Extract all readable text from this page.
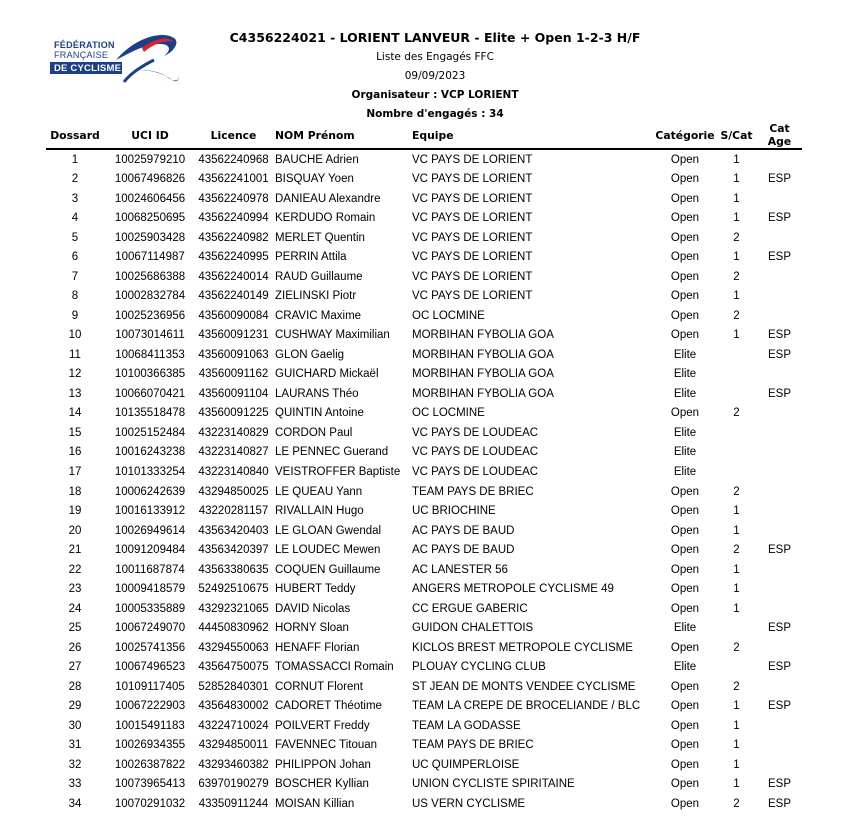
FÉDÉRATION
FRANÇAISE
DE CYCLISME
C4356224021 - LORIENT LANVEUR - Elite + Open 1-2-3 H/F
Liste des Engagés FFC
09/09/2023
Organisateur : VCP LORIENT
Nombre d'engagés : 34
Dossard	UCI ID	Licence	NOM Prénom	Equipe	Catégorie	S/Cat	Cat Age
1	10025979210	43562240968	BAUCHE Adrien	VC PAYS DE LORIENT	Open	1	
2	10067496826	43562241001	BISQUAY Yoen	VC PAYS DE LORIENT	Open	1	ESP
3	10024606456	43562240978	DANIEAU Alexandre	VC PAYS DE LORIENT	Open	1	
4	10068250695	43562240994	KERDUDO Romain	VC PAYS DE LORIENT	Open	1	ESP
5	10025903428	43562240982	MERLET Quentin	VC PAYS DE LORIENT	Open	2	
6	10067114987	43562240995	PERRIN Attila	VC PAYS DE LORIENT	Open	1	ESP
7	10025686388	43562240014	RAUD Guillaume	VC PAYS DE LORIENT	Open	2	
8	10002832784	43562240149	ZIELINSKI Piotr	VC PAYS DE LORIENT	Open	1	
9	10025236956	43560090084	CRAVIC Maxime	OC LOCMINE	Open	2	
10	10073014611	43560091231	CUSHWAY Maximilian	MORBIHAN FYBOLIA GOA	Open	1	ESP
11	10068411353	43560091063	GLON Gaelig	MORBIHAN FYBOLIA GOA	Elite		ESP
12	10100366385	43560091162	GUICHARD Mickaël	MORBIHAN FYBOLIA GOA	Elite		
13	10066070421	43560091104	LAURANS Théo	MORBIHAN FYBOLIA GOA	Elite		ESP
14	10135518478	43560091225	QUINTIN Antoine	OC LOCMINE	Open	2	
15	10025152484	43223140829	CORDON Paul	VC PAYS DE LOUDEAC	Elite		
16	10016243238	43223140827	LE PENNEC Guerand	VC PAYS DE LOUDEAC	Elite		
17	10101333254	43223140840	VEISTROFFER Baptiste	VC PAYS DE LOUDEAC	Elite		
18	10006242639	43294850025	LE QUEAU Yann	TEAM PAYS DE BRIEC	Open	2	
19	10016133912	43220281157	RIVALLAIN Hugo	UC BRIOCHINE	Open	1	
20	10026949614	43563420403	LE GLOAN Gwendal	AC PAYS DE BAUD	Open	1	
21	10091209484	43563420397	LE LOUDEC Mewen	AC PAYS DE BAUD	Open	2	ESP
22	10011687874	43563380635	COQUEN Guillaume	AC LANESTER 56	Open	1	
23	10009418579	52492510675	HUBERT Teddy	ANGERS METROPOLE CYCLISME 49	Open	1	
24	10005335889	43292321065	DAVID Nicolas	CC ERGUE GABERIC	Open	1	
25	10067249070	44450830962	HORNY Sloan	GUIDON CHALETTOIS	Elite		ESP
26	10025741356	43294550063	HENAFF Florian	KICLOS BREST METROPOLE CYCLISME	Open	2	
27	10067496523	43564750075	TOMASSACCI Romain	PLOUAY CYCLING CLUB	Elite		ESP
28	10109117405	52852840301	CORNUT Florent	ST JEAN DE MONTS VENDEE CYCLISME	Open	2	
29	10067222903	43564830002	CADORET Théotime	TEAM LA CREPE DE BROCELIANDE / BLC	Open	1	ESP
30	10015491183	43224710024	POILVERT Freddy	TEAM LA GODASSE	Open	1	
31	10026934355	43294850011	FAVENNEC Titouan	TEAM PAYS DE BRIEC	Open	1	
32	10026387822	43293460382	PHILIPPON Johan	UC QUIMPERLOISE	Open	1	
33	10073965413	63970190279	BOSCHER Kyllian	UNION CYCLISTE SPIRITAINE	Open	1	ESP
34	10070291032	43350911244	MOISAN Killian	US VERN CYCLISME	Open	2	ESP
